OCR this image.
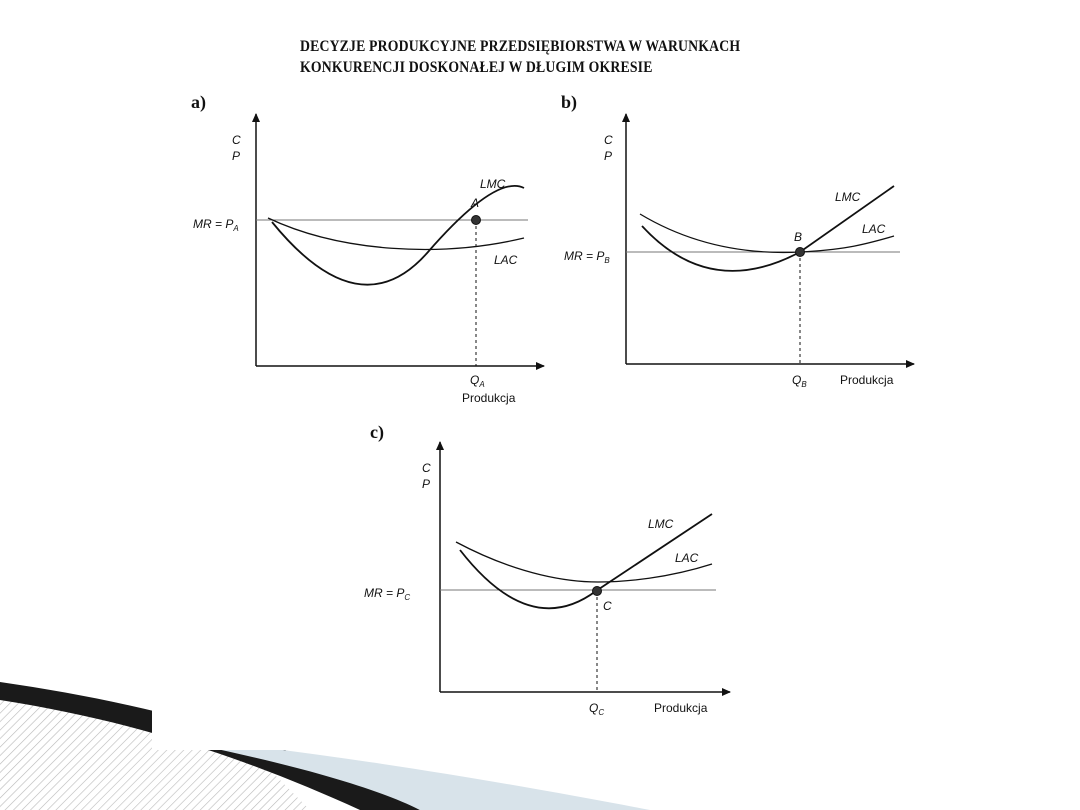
DECYZJE PRODUKCYJNE PRZEDSIĘBIORSTWA W WARUNKACH
KONKURENCJI DOSKONAŁEJ W DŁUGIM OKRESIE
a)	b)
c)
C
P
MR = $P_A$
A
LMC
LAC
$Q_A$
Produkcja
C
P
MR = $P_B$
B
LMC
LAC
$Q_B$	Produkcja
C
P
MR = $P_C$
C
LMC
LAC
$Q_C$	Produkcja
